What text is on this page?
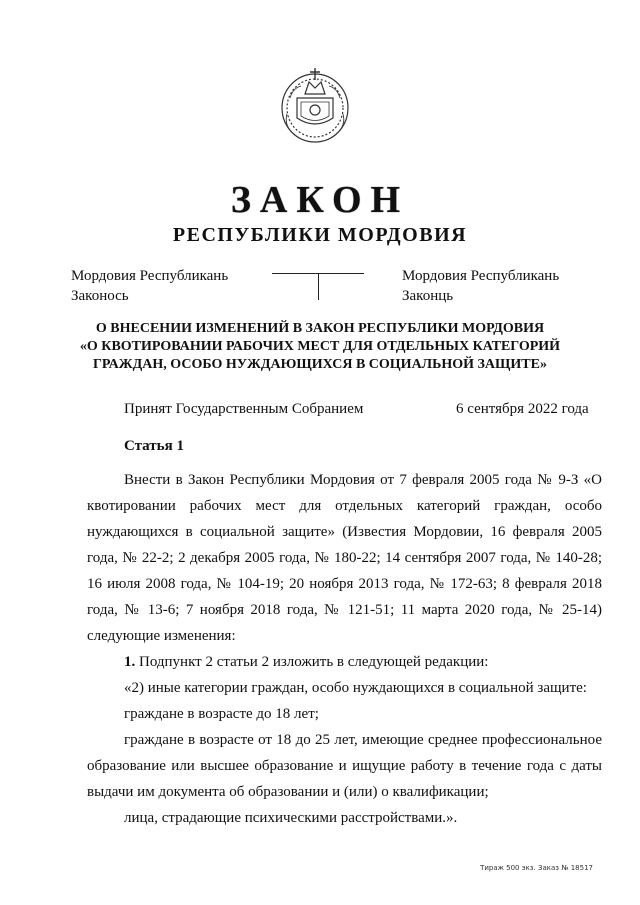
ЗАКОН
РЕСПУБЛИКИ МОРДОВИЯ
Мордовия Республикань
Законось
Мордовия Республикань
Законць
О ВНЕСЕНИИ ИЗМЕНЕНИЙ В ЗАКОН РЕСПУБЛИКИ МОРДОВИЯ
«О КВОТИРОВАНИИ РАБОЧИХ МЕСТ ДЛЯ ОТДЕЛЬНЫХ КАТЕГОРИЙ
ГРАЖДАН, ОСОБО НУЖДАЮЩИХСЯ В СОЦИАЛЬНОЙ ЗАЩИТЕ»
Принят Государственным Собранием	6 сентября 2022 года
Статья 1

Внести в Закон Республики Мордовия от 7 февраля 2005 года № 9-З «О квотировании рабочих мест для отдельных категорий граждан, особо нуждающихся в социальной защите» (Известия Мордовии, 16 февраля 2005 года, № 22-2; 2 декабря 2005 года, № 180-22; 14 сентября 2007 года, № 140-28; 16 июля 2008 года, № 104-19; 20 ноября 2013 года, № 172-63; 8 февраля 2018 года, № 13-6; 7 ноября 2018 года, № 121-51; 11 марта 2020 года, № 25-14) следующие изменения:

1. Подпункт 2 статьи 2 изложить в следующей редакции:

«2) иные категории граждан, особо нуждающихся в социальной защите:

граждане в возрасте до 18 лет;

граждане в возрасте от 18 до 25 лет, имеющие среднее профессиональное образование или высшее образование и ищущие работу в течение года с даты выдачи им документа об образовании и (или) о квалификации;

лица, страдающие психическими расстройствами.».

Тираж 500 экз. Заказ № 18517
